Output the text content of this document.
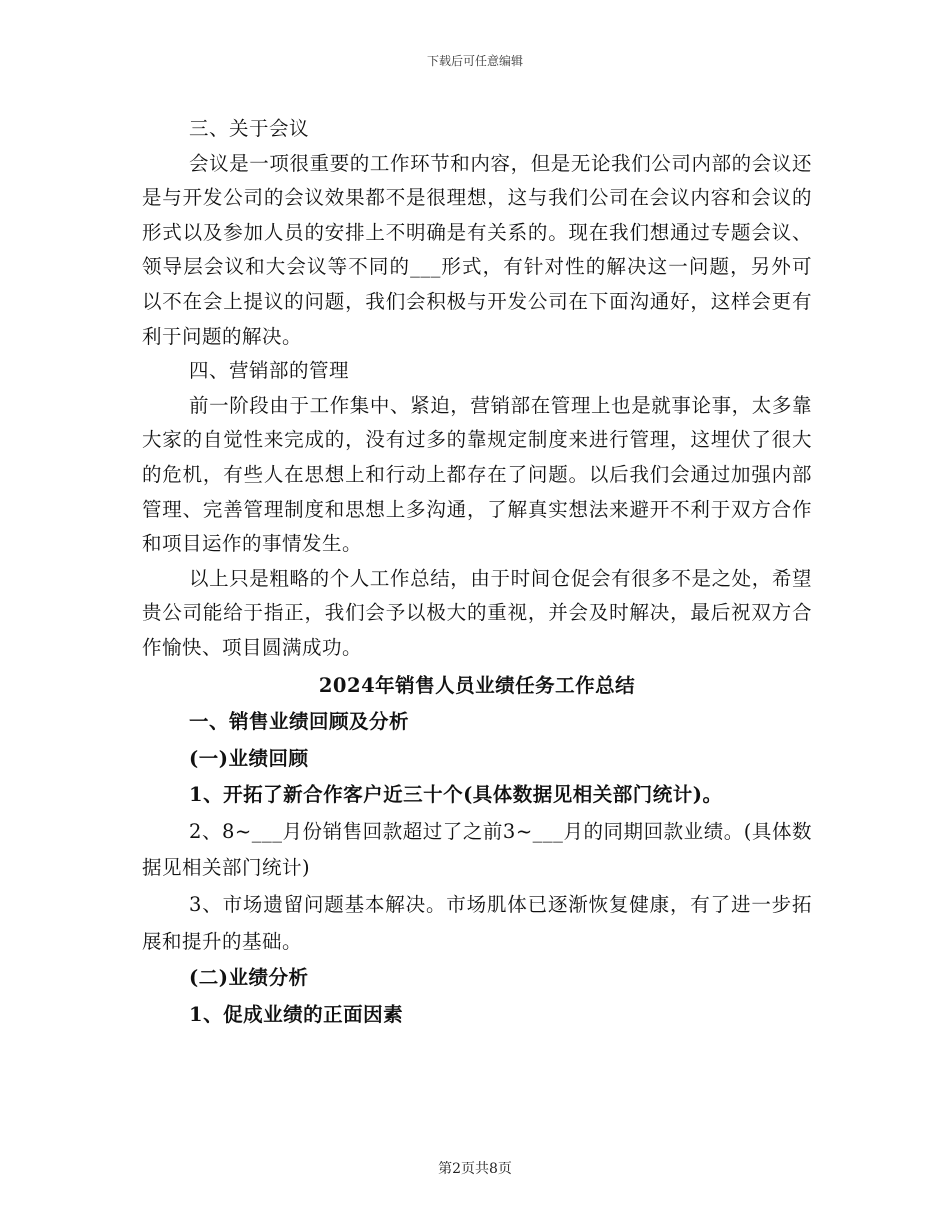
下载后可任意编辑

三、关于会议

会议是一项很重要的工作环节和内容，但是无论我们公司内部的会议还是与开发公司的会议效果都不是很理想，这与我们公司在会议内容和会议的形式以及参加人员的安排上不明确是有关系的。现在我们想通过专题会议、领导层会议和大会议等不同的___形式，有针对性的解决这一问题，另外可以不在会上提议的问题，我们会积极与开发公司在下面沟通好，这样会更有利于问题的解决。

四、营销部的管理

前一阶段由于工作集中、紧迫，营销部在管理上也是就事论事，太多靠大家的自觉性来完成的，没有过多的靠规定制度来进行管理，这埋伏了很大的危机，有些人在思想上和行动上都存在了问题。以后我们会通过加强内部管理、完善管理制度和思想上多沟通，了解真实想法来避开不利于双方合作和项目运作的事情发生。

以上只是粗略的个人工作总结，由于时间仓促会有很多不是之处，希望贵公司能给于指正，我们会予以极大的重视，并会及时解决，最后祝双方合作愉快、项目圆满成功。

2024年销售人员业绩任务工作总结

一、销售业绩回顾及分析

(一)业绩回顾

1、开拓了新合作客户近三十个(具体数据见相关部门统计)。

2、8~___月份销售回款超过了之前3~___月的同期回款业绩。(具体数据见相关部门统计)

3、市场遗留问题基本解决。市场肌体已逐渐恢复健康，有了进一步拓展和提升的基础。

(二)业绩分析

1、促成业绩的正面因素

第2页共8页
